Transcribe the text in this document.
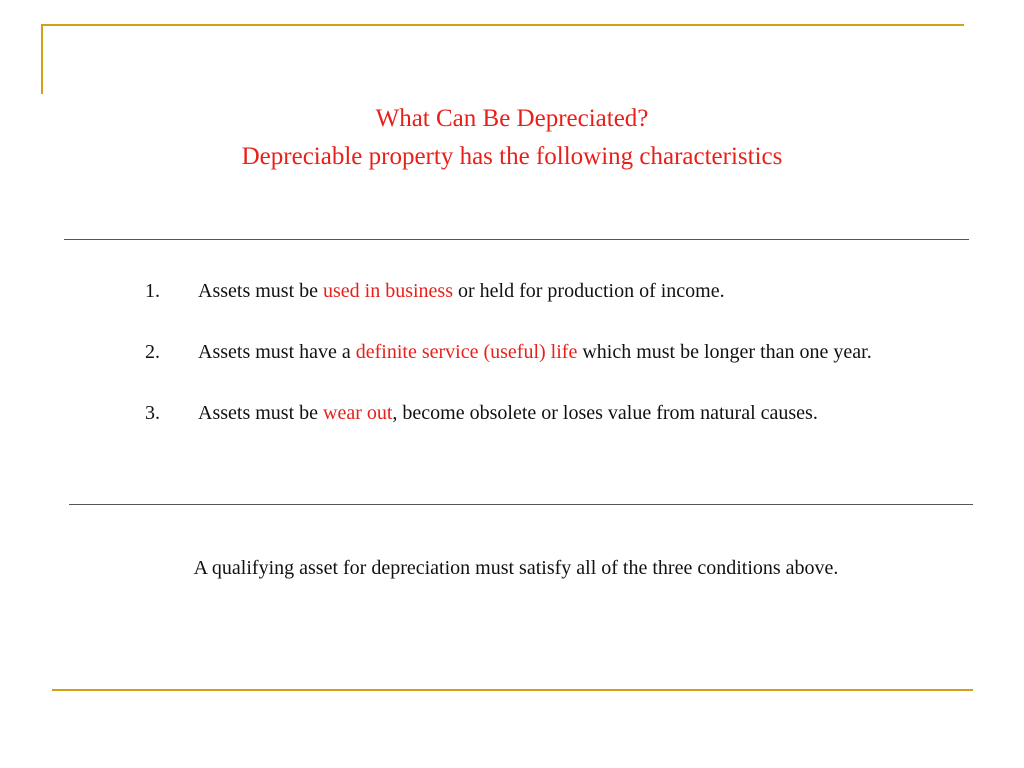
What Can Be Depreciated?
Depreciable property has the following characteristics
1. Assets must be used in business or held for production of income.
2. Assets must have a definite service (useful) life which must be longer than one year.
3. Assets must be wear out, become obsolete or loses value from natural causes.
A qualifying asset for depreciation must satisfy all of the three conditions above.
